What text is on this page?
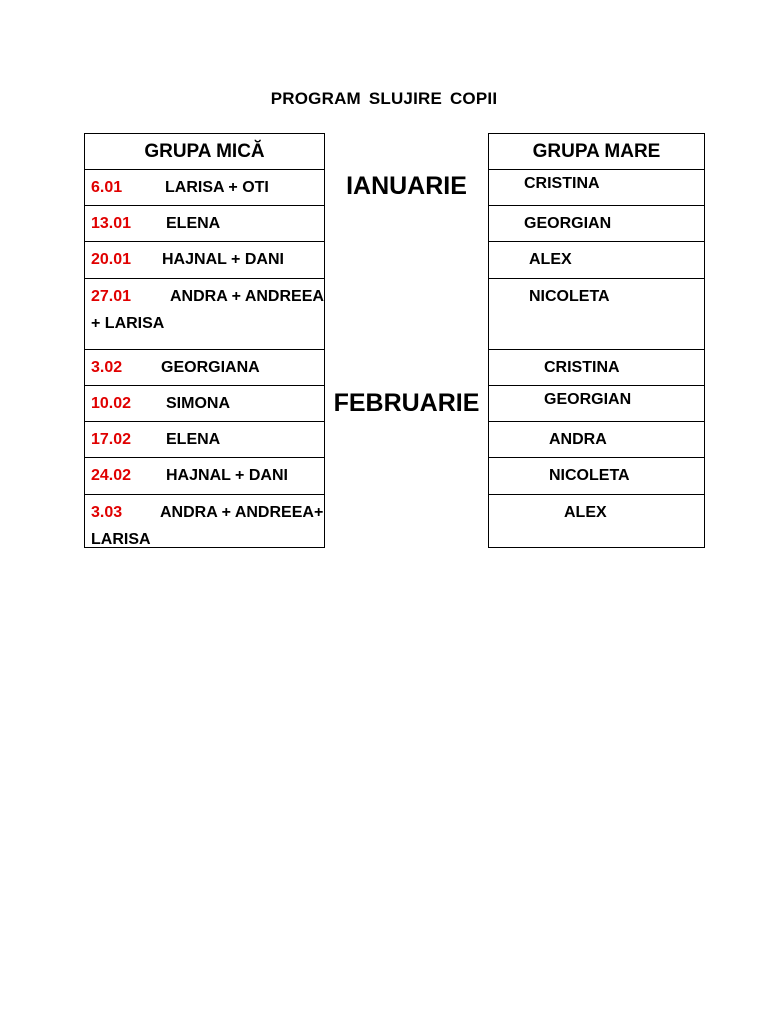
PROGRAM SLUJIRE COPII
GRUPA MICĂ
6.01	LARISA + OTI
13.01 ELENA
20.01 HAJNAL + DANI
27.01 ANDRA + ANDREEA + LARISA
3.02 GEORGIANA
10.02 SIMONA
17.02 ELENA
24.02 HAJNAL + DANI
3.03 ANDRA + ANDREEA+ LARISA
IANUARIE
FEBRUARIE
GRUPA MARE
CRISTINA
GEORGIAN
ALEX
NICOLETA
CRISTINA
GEORGIAN
ANDRA
NICOLETA
ALEX
